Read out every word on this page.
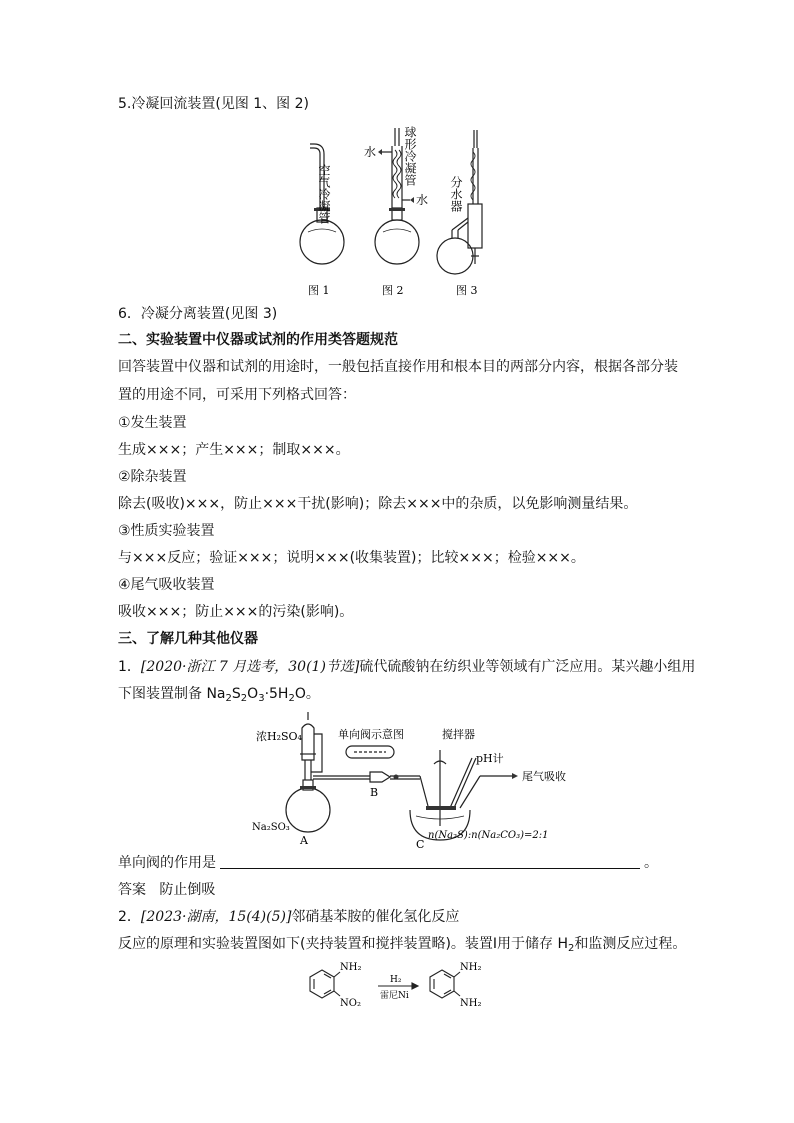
5.冷凝回流装置(见图 1、图 2)
空气冷凝管
球形冷凝管
水
水 分水器
图 1	图 2	图 3
6．冷凝分离装置(见图 3)
二、实验装置中仪器或试剂的作用类答题规范
回答装置中仪器和试剂的用途时，一般包括直接作用和根本目的两部分内容，根据各部分装
置的用途不同，可采用下列格式回答：
①发生装置
生成×××；产生×××；制取×××。
②除杂装置
除去(吸收)×××，防止×××干扰(影响)；除去×××中的杂质，以免影响测量结果。
③性质实验装置
与×××反应；验证×××；说明×××(收集装置)；比较×××；检验×××。
④尾气吸收装置
吸收×××；防止×××的污染(影响)。
三、了解几种其他仪器
1．[2020·浙江 7 月选考，30(1)节选]硫代硫酸钠在纺织业等领域有广泛应用。某兴趣小组用
下图装置制备 $Na_2S_2O_3\cdot 5H_2O$。
浓H₂SO₄	单向阀示意图	搅拌器
pH计
尾气吸收
B
A
Na₂SO₃
C
n(Na₂S):n(Na₂CO₃)=2:1
单向阀的作用是	。
答案 防止倒吸
2．[2023·湖南，15(4)(5)]邻硝基苯胺的催化氢化反应
反应的原理和实验装置图如下(夹持装置和搅拌装置略)。装置Ⅰ用于储存 $H_2$和监测反应过程。
NH₂
NO₂
H₂
雷尼Ni
NH₂
NH₂
